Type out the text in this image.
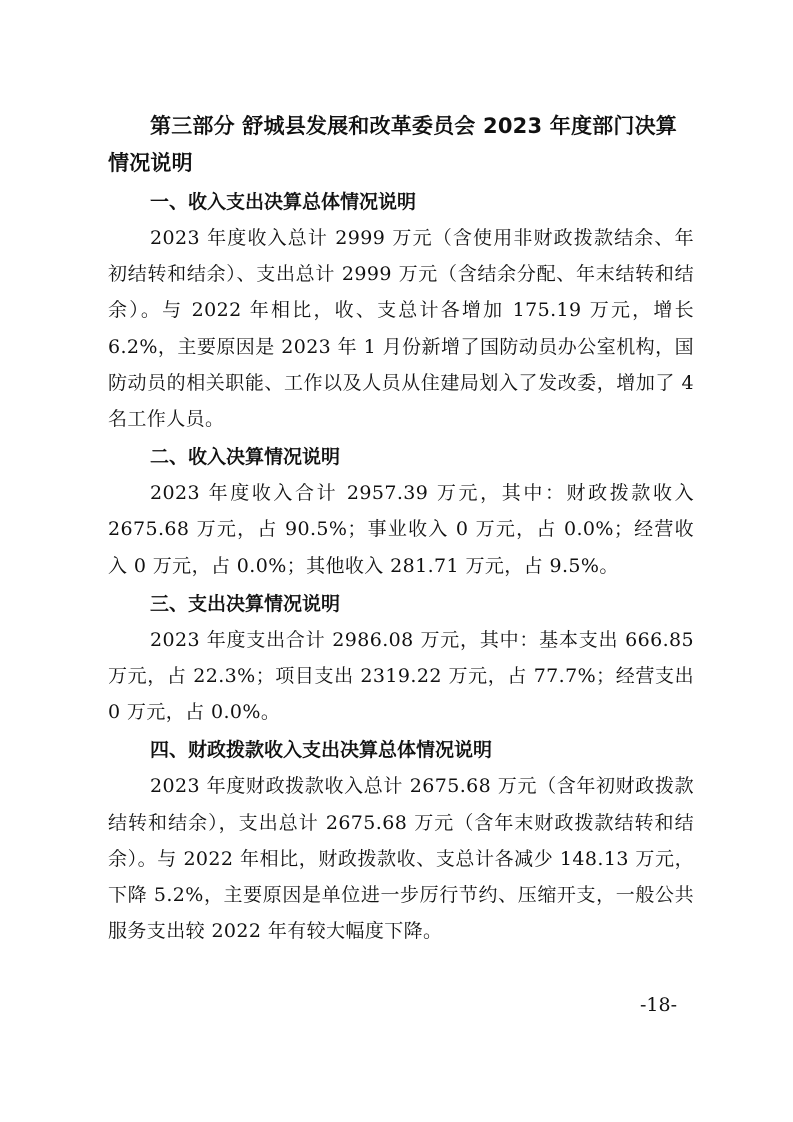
第三部分 舒城县发展和改革委员会 2023 年度部门决算情况说明

一、收入支出决算总体情况说明

2023 年度收入总计 2999 万元（含使用非财政拨款结余、年初结转和结余）、支出总计 2999 万元（含结余分配、年末结转和结余）。与 2022 年相比，收、支总计各增加 175.19 万元，增长 6.2%，主要原因是 2023 年 1 月份新增了国防动员办公室机构，国防动员的相关职能、工作以及人员从住建局划入了发改委，增加了 4 名工作人员。

二、收入决算情况说明

2023 年度收入合计 2957.39 万元，其中：财政拨款收入 2675.68 万元，占 90.5%；事业收入 0 万元，占 0.0%；经营收入 0 万元，占 0.0%；其他收入 281.71 万元，占 9.5%。

三、支出决算情况说明

2023 年度支出合计 2986.08 万元，其中：基本支出 666.85 万元，占 22.3%；项目支出 2319.22 万元，占 77.7%；经营支出 0 万元，占 0.0%。

四、财政拨款收入支出决算总体情况说明

2023 年度财政拨款收入总计 2675.68 万元（含年初财政拨款结转和结余），支出总计 2675.68 万元（含年末财政拨款结转和结余）。与 2022 年相比，财政拨款收、支总计各减少 148.13 万元，下降 5.2%，主要原因是单位进一步厉行节约、压缩开支，一般公共服务支出较 2022 年有较大幅度下降。

-18-
